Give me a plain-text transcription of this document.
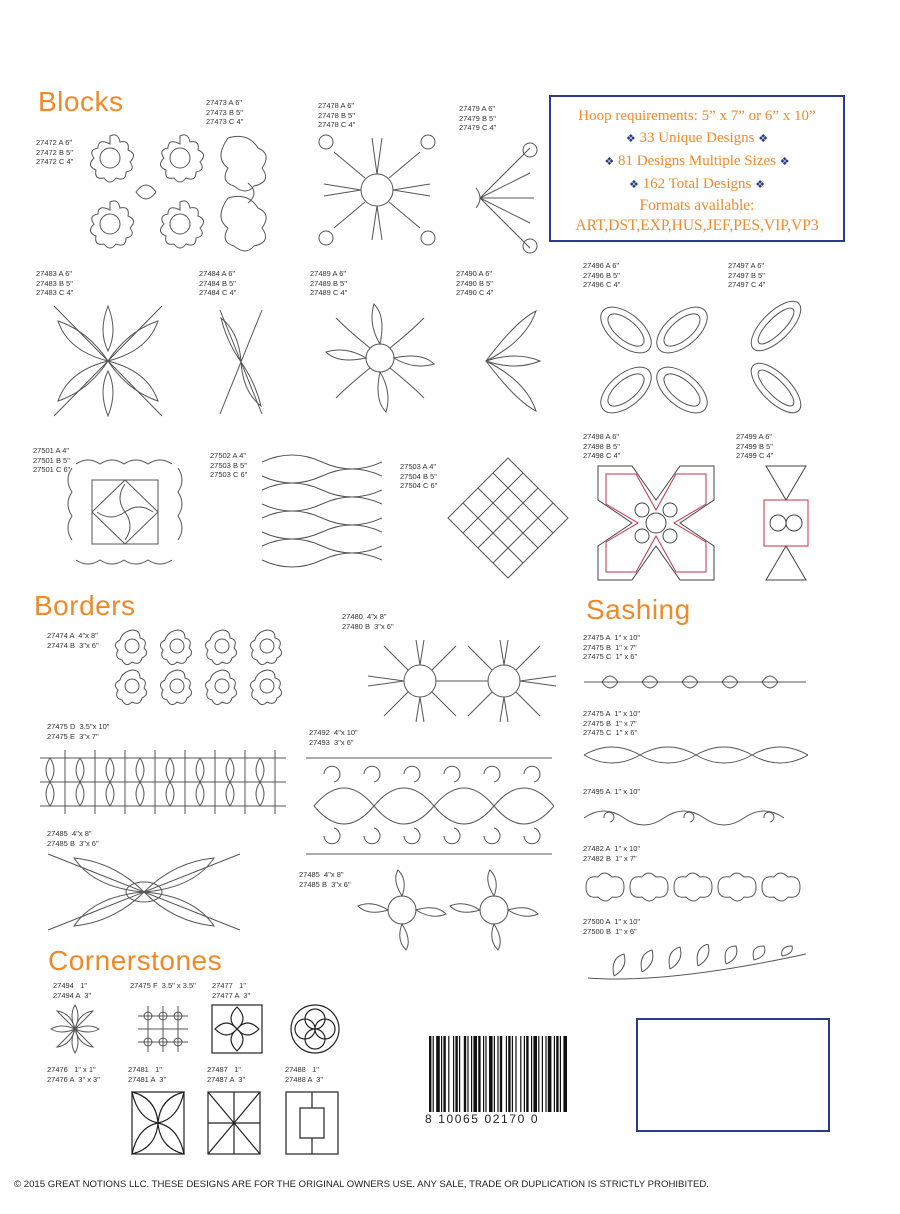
Blocks
Borders	Sashing
Cornerstones
Hoop requirements: 5” x 7” or 6” x 10”
❖ 33 Unique Designs ❖
❖ 81 Designs Multiple Sizes ❖
❖ 162 Total Designs ❖
Formats available:
ART,DST,EXP,HUS,JEF,PES,VIP,VP3
27472 A 6"
27472 B 5"
27472 C 4"
27473 A 6"
27473 B 5"
27473 C 4"
27478 A 6"
27478 B 5"
27478 C 4"
27479 A 6"
27479 B 5"
27479 C 4"
27483 A 6"
27483 B 5"
27483 C 4"
27484 A 6"
27484 B 5"
27484 C 4"
27489 A 6"
27489 B 5"
27489 C 4"
27490 A 6"
27490 B 5"
27490 C 4"
27496 A 6"
27496 B 5"
27496 C 4"
27497 A 6"
27497 B 5"
27497 C 4"
27501 A 4"
27501 B 5"
27501 C 6"
27502 A 4"
27503 B 5"
27503 C 6"
27503 A 4"
27504 B 5"
27504 C 6"
27498 A 6"
27498 B 5"
27498 C 4"
27499 A 6"
27499 B 5"
27499 C 4"
27474 A  4"x 8"
27474 B  3"x 6"
27480  4"x 8"
27480 B  3"x 6"
27475 D  3.5"x 10"
27475 E  3"x 7"	27492  4"x 10"
27493  3"x 6"
27485  4"x 8"
27485 B  3"x 6"
27485  4"x 8"
27485 B  3"x 6"
27475 A  1" x 10"
27475 B  1" x 7"
27475 C  1" x 6"
27475 A  1" x 10"
27475 B  1" x 7"
27475 C  1" x 6"
27495 A  1" x 10"
27482 A  1" x 10"
27482 B  1" x 7"
27500 A  1" x 10"
27500 B  1" x 6"
27494   1"
27494 A  3"
27475 F  3.5" x 3.5" 27477   1"
27477 A  3"
27476   1" x 1"
27476 A  3" x 3"
27481   1"
27481 A  3"
27487   1"
27487 A  3"
27488   1"
27488 A  3"
8 10065 02170 0
© 2015 GREAT NOTIONS LLC. THESE DESIGNS ARE FOR THE ORIGINAL OWNERS USE. ANY SALE, TRADE OR DUPLICATION IS STRICTLY PROHIBITED.
